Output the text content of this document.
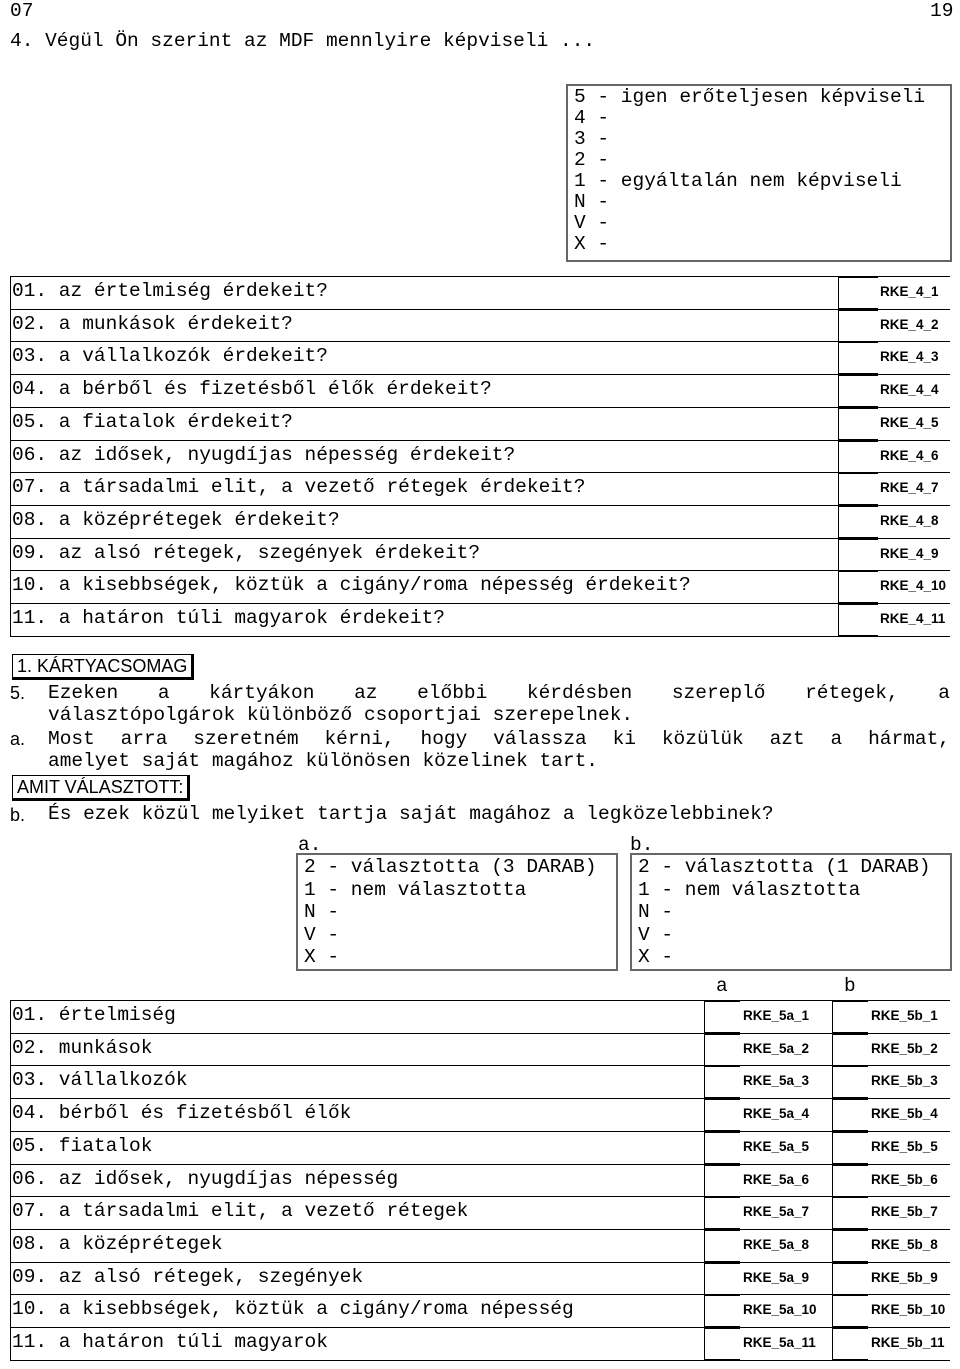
07	19
4. Végül Ön szerint az MDF mennlyire képviseli ...
5 - igen erőteljesen képviseli
4 -
3 -
2 -
1 - egyáltalán nem képviseli
N -
V -
X -
01. az értelmiség érdekeit?	RKE_4_1
02. a munkások érdekeit?	RKE_4_2
03. a vállalkozók érdekeit?	RKE_4_3
04. a bérből és fizetésből élők érdekeit?	RKE_4_4
05. a fiatalok érdekeit?	RKE_4_5
06. az idősek, nyugdíjas népesség érdekeit?	RKE_4_6
07. a társadalmi elit, a vezető rétegek érdekeit?	RKE_4_7
08. a középrétegek érdekeit?	RKE_4_8
09. az alsó rétegek, szegények érdekeit?	RKE_4_9
10. a kisebbségek, köztük a cigány/roma népesség érdekeit?	RKE_4_10
11. a határon túli magyarok érdekeit?	RKE_4_11
1. KÁRTYACSOMAG
5. Ezeken a kártyákon az előbbi kérdésben szereplő rétegek, a
választópolgárok különböző csoportjai szerepelnek.
a. Most arra szeretném kérni, hogy válassza ki közülük azt a hármat,
amelyet saját magához különösen közelinek tart.
AMIT VÁLASZTOTT:
b. És ezek közül melyiket tartja saját magához a legközelebbinek?
a.	b.
2 - választotta (3 DARAB)
1 - nem választotta
N -
V -
X -
2 - választotta (1 DARAB)
1 - nem választotta
N -
V -
X -
a	b
01. értelmiség	RKE_5a_1	RKE_5b_1
02. munkások	RKE_5a_2	RKE_5b_2
03. vállalkozók	RKE_5a_3	RKE_5b_3
04. bérből és fizetésből élők	RKE_5a_4	RKE_5b_4
05. fiatalok	RKE_5a_5	RKE_5b_5
06. az idősek, nyugdíjas népesség	RKE_5a_6	RKE_5b_6
07. a társadalmi elit, a vezető rétegek	RKE_5a_7	RKE_5b_7
08. a középrétegek	RKE_5a_8	RKE_5b_8
09. az alsó rétegek, szegények	RKE_5a_9	RKE_5b_9
10. a kisebbségek, köztük a cigány/roma népesség	RKE_5a_10	RKE_5b_10
11. a határon túli magyarok	RKE_5a_11	RKE_5b_11
